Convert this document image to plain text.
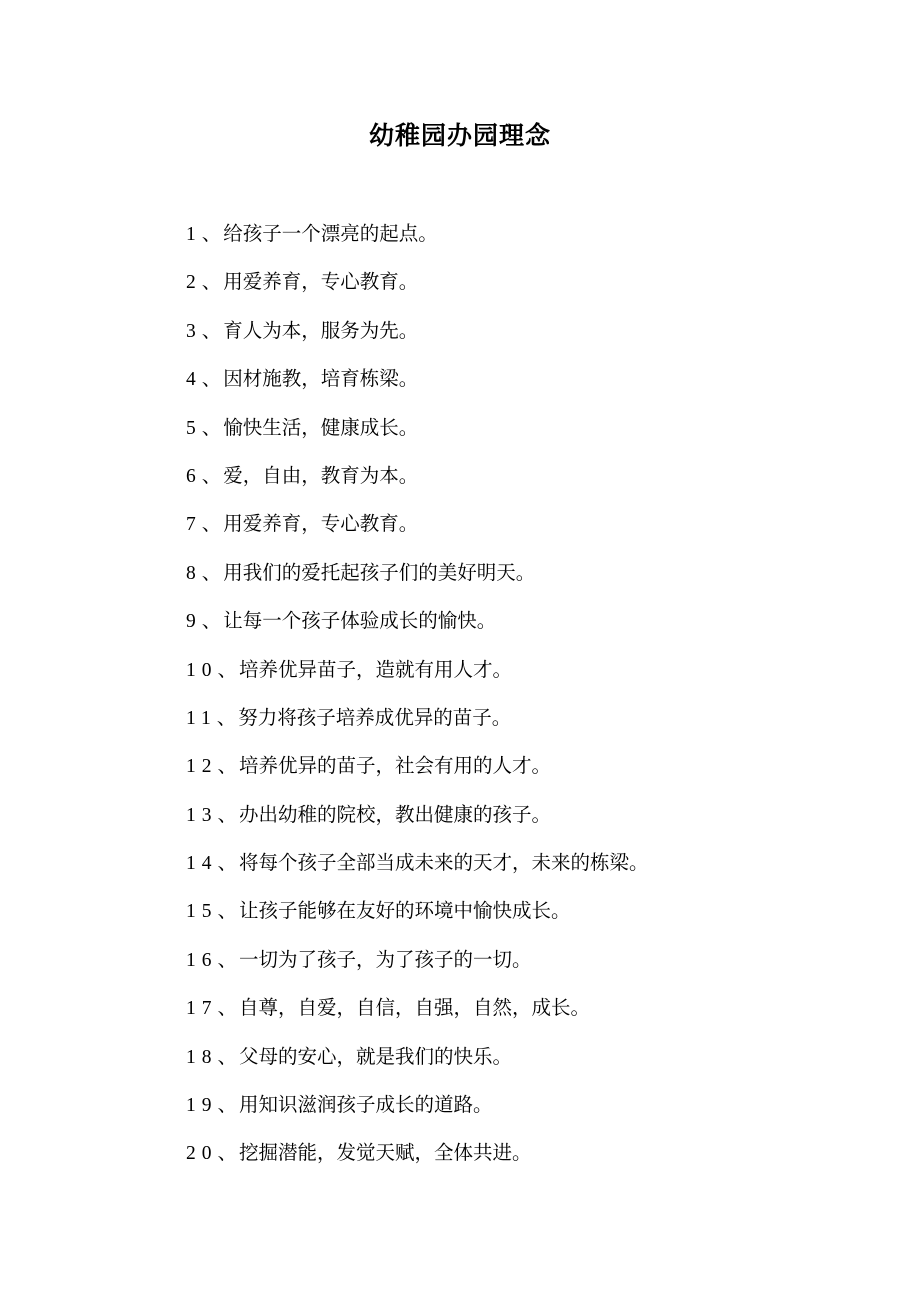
幼稚园办园理念
1、 给孩子一个漂亮的起点。
2、 用爱养育，专心教育。
3、 育人为本，服务为先。
4、 因材施教，培育栋梁。
5、 愉快生活，健康成长。
6、 爱，自由，教育为本。
7、 用爱养育，专心教育。
8、 用我们的爱托起孩子们的美好明天。
9、 让每一个孩子体验成长的愉快。
10、 培养优异苗子，造就有用人才。
11、 努力将孩子培养成优异的苗子。
12、 培养优异的苗子，社会有用的人才。
13、 办出幼稚的院校，教出健康的孩子。
14、 将每个孩子全部当成未来的天才，未来的栋梁。
15、 让孩子能够在友好的环境中愉快成长。
16、 一切为了孩子，为了孩子的一切。
17、 自尊，自爱，自信，自强，自然，成长。
18、 父母的安心，就是我们的快乐。
19、 用知识滋润孩子成长的道路。
20、 挖掘潜能，发觉天赋，全体共进。
